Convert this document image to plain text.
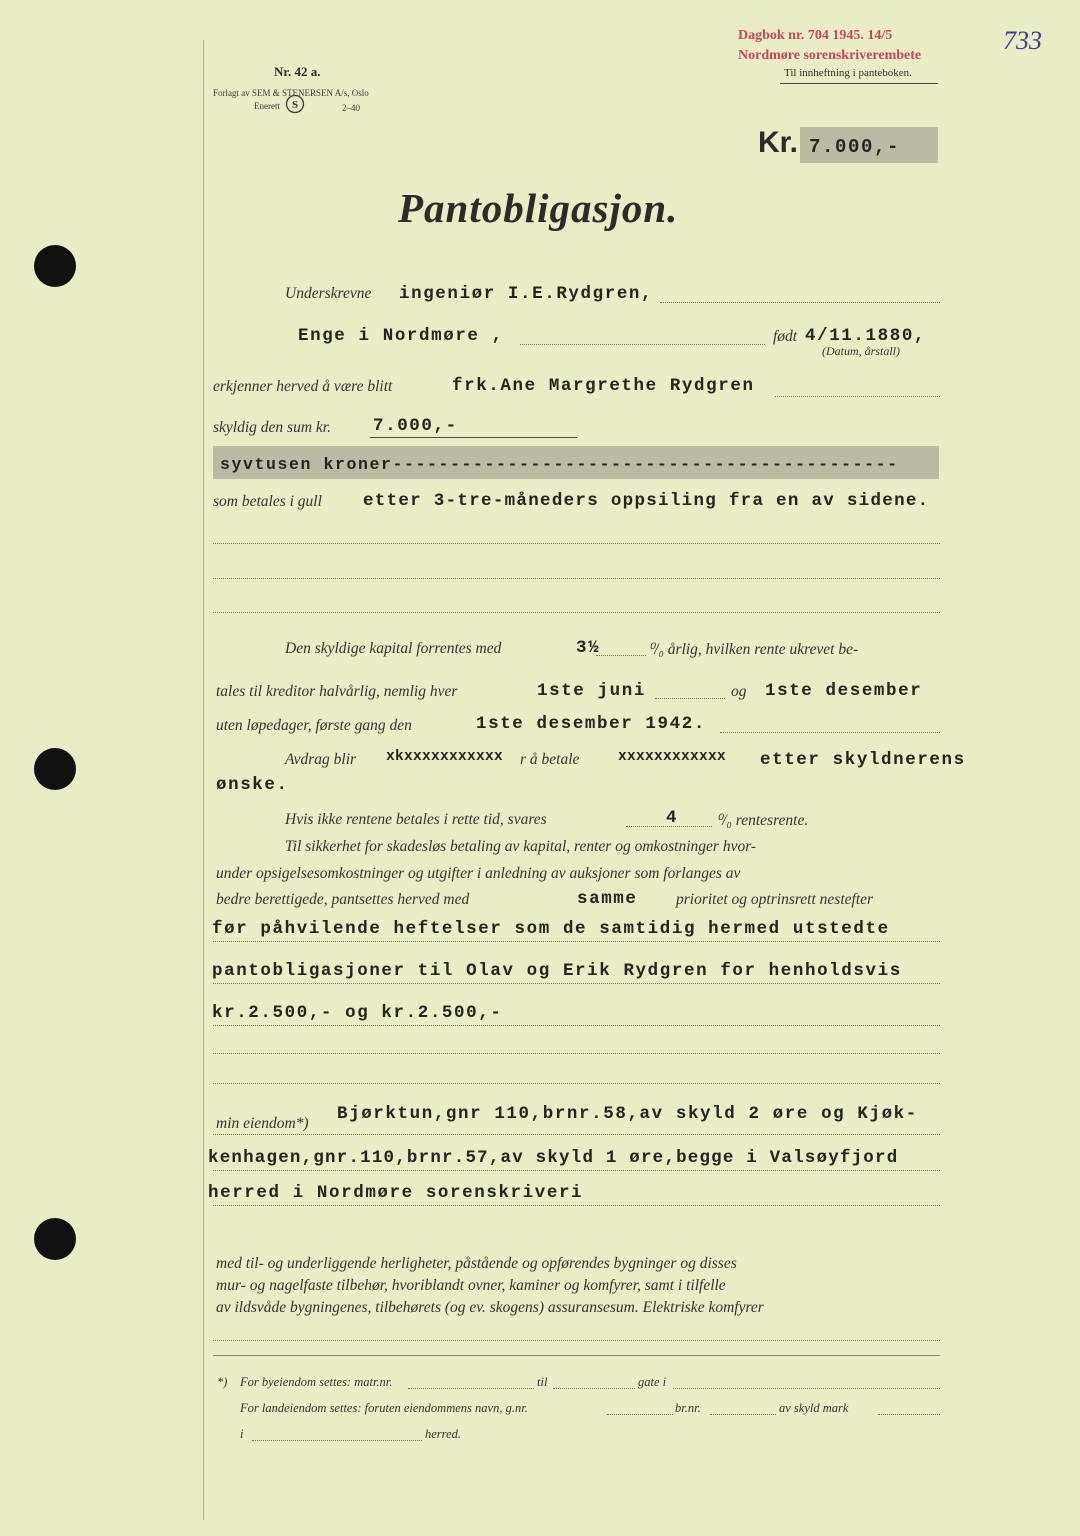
Nr. 42 a.
Forlagt av SEM & STENERSEN A/s, Oslo
Enerett S	2–40
Dagbok nr. 704 1945. 14/5
Nordmøre sorenskriverembete
Til innheftning i panteboken.
733
Kr. 7.000,-
Pantobligasjon.
Underskrevne ingeniør I.E.Rydgren,
Enge i Nordmøre ,	født 4/11.1880,
(Datum, årstall)
erkjenner herved å være blitt	frk.Ane Margrethe Rydgren
skyldig den sum kr. 7.000,-
syvtusen kroner--------------------------------------------
som betales i gull etter 3-tre-måneders oppsiling fra en av sidene.
Den skyldige kapital forrentes med	3½	⁰/₀ årlig, hvilken rente ukrevet be-
tales til kreditor halvårlig, nemlig hver	1ste juni	og 1ste desember
uten løpedager, første gang den	1ste desember 1942.
Avdrag blir xkxxxxxxxxxxx r å betale	xxxxxxxxxxxx etter skyldnerens
ønske.
Hvis ikke rentene betales i rette tid, svares	4 ⁰/₀ rentesrente.
Til sikkerhet for skadesløs betaling av kapital, renter og omkostninger hvor-
under opsigelsesomkostninger og utgifter i anledning av auksjoner som forlanges av
bedre berettigede, pantsettes herved med	samme prioritet og optrinsrett nestefter
før påhvilende heftelser som de samtidig hermed utstedte
pantobligasjoner til Olav og Erik Rydgren for henholdsvis
kr.2.500,- og kr.2.500,-
min eiendom*) Bjørktun,gnr 110,brnr.58,av skyld 2 øre og Kjøk-
kenhagen,gnr.110,brnr.57,av skyld 1 øre,begge i Valsøyfjord
herred i Nordmøre sorenskriveri
med til- og underliggende herligheter, påstående og opførendes bygninger og disses
mur- og nagelfaste tilbehør, hvoriblandt ovner, kaminer og komfyrer, samt i tilfelle
av ildsvåde bygningenes, tilbehørets (og ev. skogens) assuransesum. Elektriske komfyrer
*) For byeiendom settes: matr.nr.	til	gate i
For landeiendom settes: foruten eiendommens navn, g.nr.	br.nr.	av skyld mark
i	herred.
